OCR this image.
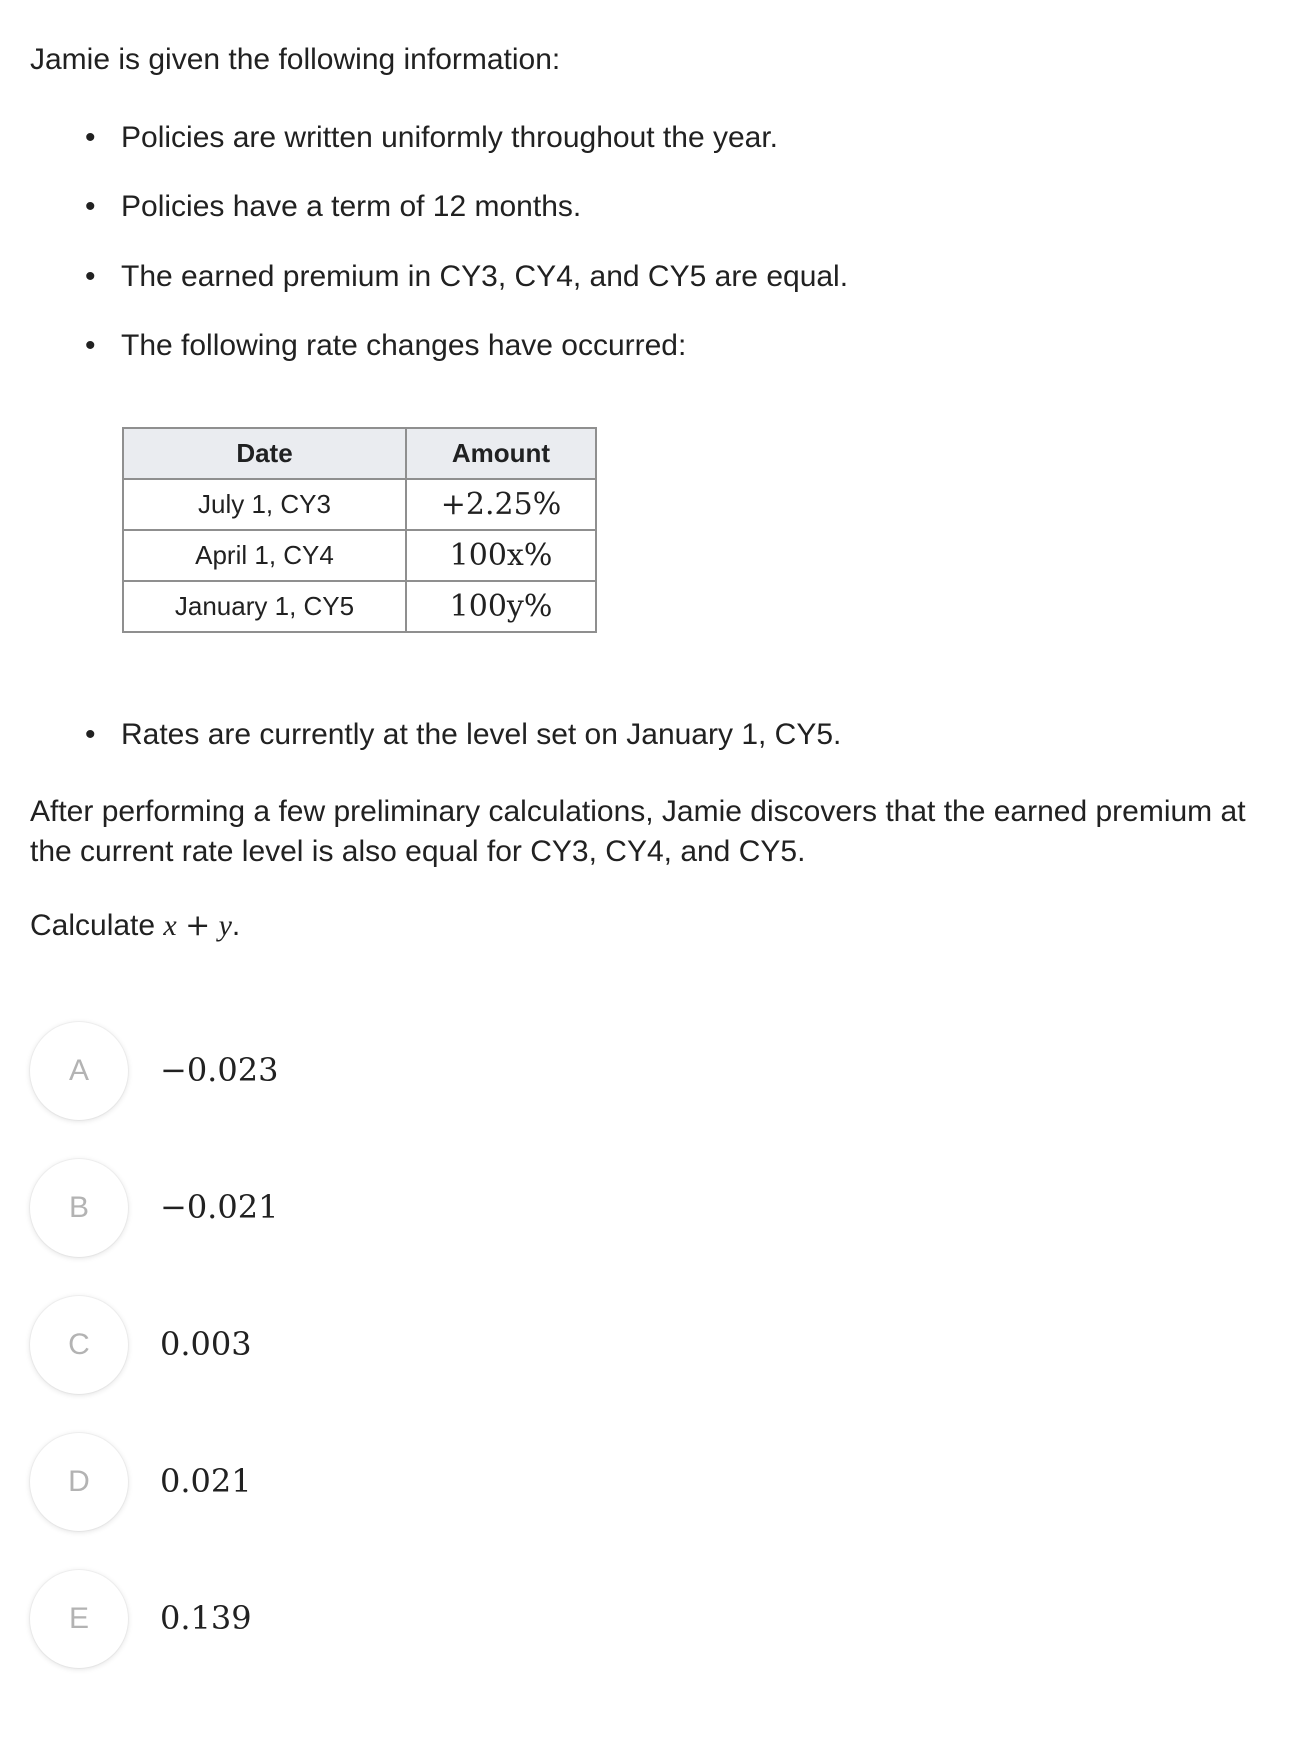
Jamie is given the following information:

• Policies are written uniformly throughout the year.
• Policies have a term of 12 months.
• The earned premium in CY3, CY4, and CY5 are equal.
• The following rate changes have occurred:
Date	Amount
July 1, CY3	+2.25%
April 1, CY4	100x%
January 1, CY5	100y%
• Rates are currently at the level set on January 1, CY5.

After performing a few preliminary calculations, Jamie discovers that the earned premium at the current rate level is also equal for CY3, CY4, and CY5.

Calculate x + y.

A	−0.023
B	−0.021
C	0.003
D	0.021
E	0.139
